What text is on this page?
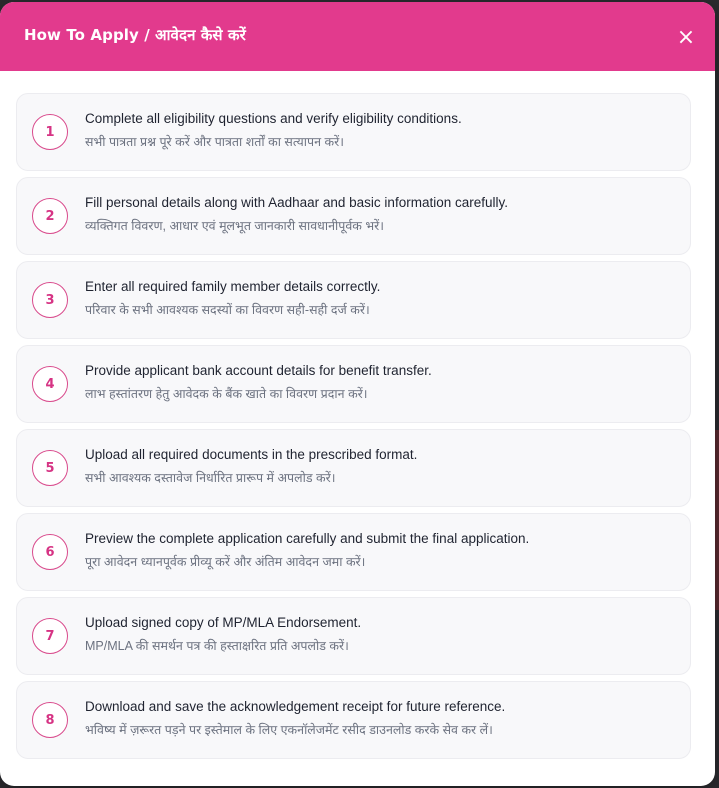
How To Apply / आवेदन कैसे करें	×
1
Complete all eligibility questions and verify eligibility conditions.
सभी पात्रता प्रश्न पूरे करें और पात्रता शर्तों का सत्यापन करें।
2
Fill personal details along with Aadhaar and basic information carefully.
व्यक्तिगत विवरण, आधार एवं मूलभूत जानकारी सावधानीपूर्वक भरें।
3
Enter all required family member details correctly.
परिवार के सभी आवश्यक सदस्यों का विवरण सही-सही दर्ज करें।
4
Provide applicant bank account details for benefit transfer.
लाभ हस्तांतरण हेतु आवेदक के बैंक खाते का विवरण प्रदान करें।
5
Upload all required documents in the prescribed format.
सभी आवश्यक दस्तावेज निर्धारित प्रारूप में अपलोड करें।
6
Preview the complete application carefully and submit the final application.
पूरा आवेदन ध्यानपूर्वक प्रीव्यू करें और अंतिम आवेदन जमा करें।
7
Upload signed copy of MP/MLA Endorsement.
MP/MLA की समर्थन पत्र की हस्ताक्षरित प्रति अपलोड करें।
8
Download and save the acknowledgement receipt for future reference.
भविष्य में ज़रूरत पड़ने पर इस्तेमाल के लिए एकनॉलेजमेंट रसीद डाउनलोड करके सेव कर लें।
